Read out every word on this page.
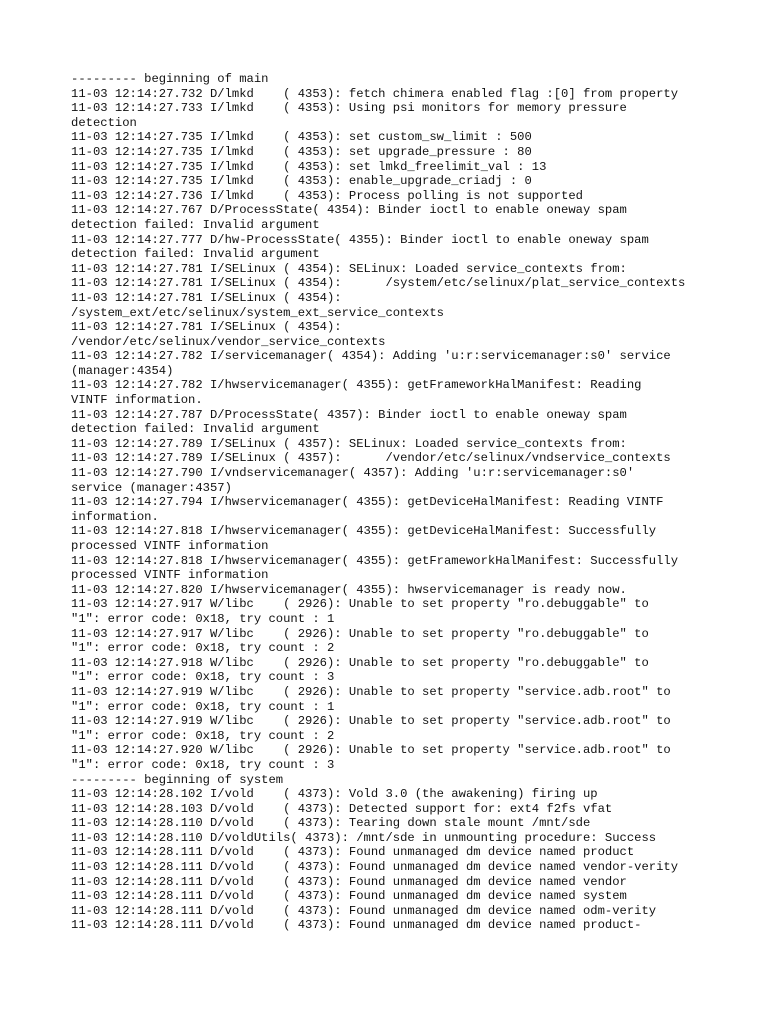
--------- beginning of main
11-03 12:14:27.732 D/lmkd    ( 4353): fetch chimera enabled flag :[0] from property
11-03 12:14:27.733 I/lmkd    ( 4353): Using psi monitors for memory pressure
detection
11-03 12:14:27.735 I/lmkd    ( 4353): set custom_sw_limit : 500
11-03 12:14:27.735 I/lmkd    ( 4353): set upgrade_pressure : 80
11-03 12:14:27.735 I/lmkd    ( 4353): set lmkd_freelimit_val : 13
11-03 12:14:27.735 I/lmkd    ( 4353): enable_upgrade_criadj : 0
11-03 12:14:27.736 I/lmkd    ( 4353): Process polling is not supported
11-03 12:14:27.767 D/ProcessState( 4354): Binder ioctl to enable oneway spam
detection failed: Invalid argument
11-03 12:14:27.777 D/hw-ProcessState( 4355): Binder ioctl to enable oneway spam
detection failed: Invalid argument
11-03 12:14:27.781 I/SELinux ( 4354): SELinux: Loaded service_contexts from:
11-03 12:14:27.781 I/SELinux ( 4354):      /system/etc/selinux/plat_service_contexts
11-03 12:14:27.781 I/SELinux ( 4354):
/system_ext/etc/selinux/system_ext_service_contexts
11-03 12:14:27.781 I/SELinux ( 4354):
/vendor/etc/selinux/vendor_service_contexts
11-03 12:14:27.782 I/servicemanager( 4354): Adding 'u:r:servicemanager:s0' service
(manager:4354)
11-03 12:14:27.782 I/hwservicemanager( 4355): getFrameworkHalManifest: Reading
VINTF information.
11-03 12:14:27.787 D/ProcessState( 4357): Binder ioctl to enable oneway spam
detection failed: Invalid argument
11-03 12:14:27.789 I/SELinux ( 4357): SELinux: Loaded service_contexts from:
11-03 12:14:27.789 I/SELinux ( 4357):      /vendor/etc/selinux/vndservice_contexts
11-03 12:14:27.790 I/vndservicemanager( 4357): Adding 'u:r:servicemanager:s0'
service (manager:4357)
11-03 12:14:27.794 I/hwservicemanager( 4355): getDeviceHalManifest: Reading VINTF
information.
11-03 12:14:27.818 I/hwservicemanager( 4355): getDeviceHalManifest: Successfully
processed VINTF information
11-03 12:14:27.818 I/hwservicemanager( 4355): getFrameworkHalManifest: Successfully
processed VINTF information
11-03 12:14:27.820 I/hwservicemanager( 4355): hwservicemanager is ready now.
11-03 12:14:27.917 W/libc    ( 2926): Unable to set property "ro.debuggable" to
"1": error code: 0x18, try count : 1
11-03 12:14:27.917 W/libc    ( 2926): Unable to set property "ro.debuggable" to
"1": error code: 0x18, try count : 2
11-03 12:14:27.918 W/libc    ( 2926): Unable to set property "ro.debuggable" to
"1": error code: 0x18, try count : 3
11-03 12:14:27.919 W/libc    ( 2926): Unable to set property "service.adb.root" to
"1": error code: 0x18, try count : 1
11-03 12:14:27.919 W/libc    ( 2926): Unable to set property "service.adb.root" to
"1": error code: 0x18, try count : 2
11-03 12:14:27.920 W/libc    ( 2926): Unable to set property "service.adb.root" to
"1": error code: 0x18, try count : 3
--------- beginning of system
11-03 12:14:28.102 I/vold    ( 4373): Vold 3.0 (the awakening) firing up
11-03 12:14:28.103 D/vold    ( 4373): Detected support for: ext4 f2fs vfat
11-03 12:14:28.110 D/vold    ( 4373): Tearing down stale mount /mnt/sde
11-03 12:14:28.110 D/voldUtils( 4373): /mnt/sde in unmounting procedure: Success
11-03 12:14:28.111 D/vold    ( 4373): Found unmanaged dm device named product
11-03 12:14:28.111 D/vold    ( 4373): Found unmanaged dm device named vendor-verity
11-03 12:14:28.111 D/vold    ( 4373): Found unmanaged dm device named vendor
11-03 12:14:28.111 D/vold    ( 4373): Found unmanaged dm device named system
11-03 12:14:28.111 D/vold    ( 4373): Found unmanaged dm device named odm-verity
11-03 12:14:28.111 D/vold    ( 4373): Found unmanaged dm device named product-
